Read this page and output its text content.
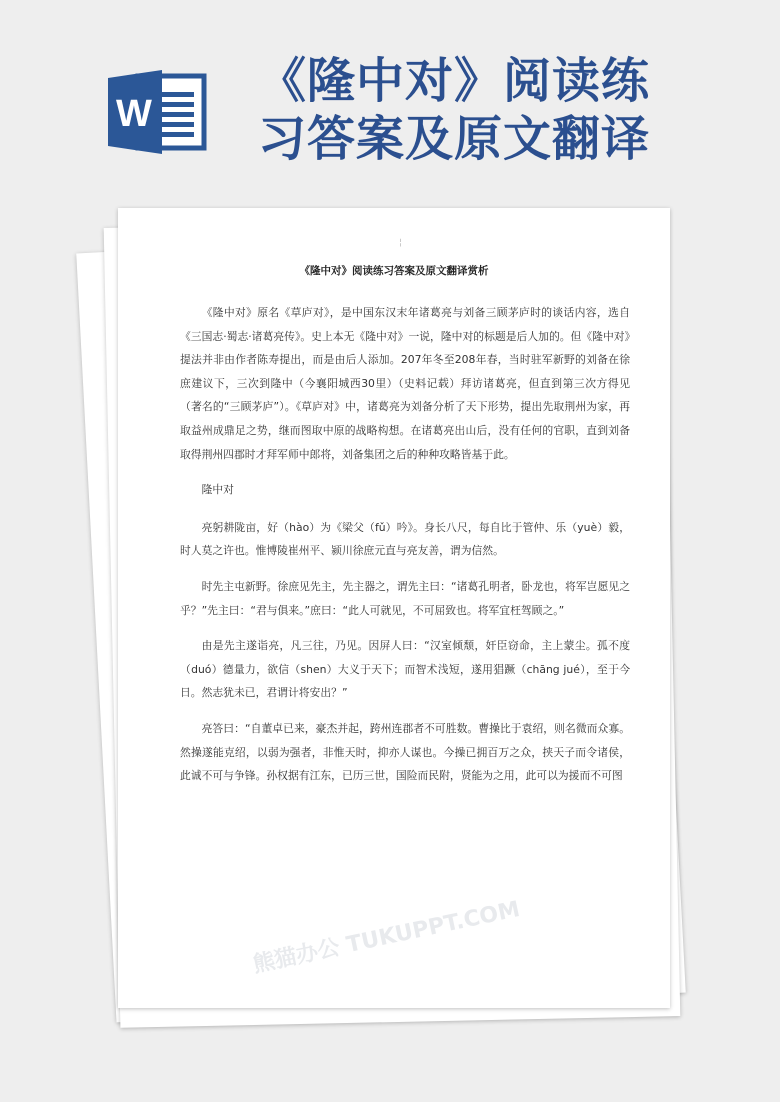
W
《隆中对》阅读练
习答案及原文翻译
¦
《隆中对》阅读练习答案及原文翻译赏析

《隆中对》原名《草庐对》，是中国东汉末年诸葛亮与刘备三顾茅庐时的谈话内容，选自《三国志·蜀志·诸葛亮传》。史上本无《隆中对》一说，隆中对的标题是后人加的。但《隆中对》提法并非由作者陈寿提出，而是由后人添加。207年冬至208年春，当时驻军新野的刘备在徐庶建议下，三次到隆中（今襄阳城西30里）（史料记载）拜访诸葛亮，但直到第三次方得见（著名的“三顾茅庐”）。《草庐对》中，诸葛亮为刘备分析了天下形势，提出先取荆州为家，再取益州成鼎足之势，继而图取中原的战略构想。在诸葛亮出山后，没有任何的官职，直到刘备取得荆州四郡时才拜军师中郎将，刘备集团之后的种种攻略皆基于此。

隆中对

亮躬耕陇亩，好（hào）为《梁父（fǔ）吟》。身长八尺，每自比于管仲、乐（yuè）毅，时人莫之许也。惟博陵崔州平、颍川徐庶元直与亮友善，谓为信然。

时先主屯新野。徐庶见先主，先主器之，谓先主曰：“诸葛孔明者，卧龙也，将军岂愿见之乎？”先主曰：“君与俱来。”庶曰：“此人可就见，不可屈致也。将军宜枉驾顾之。”

由是先主遂诣亮，凡三往，乃见。因屏人曰：“汉室倾颓，奸臣窃命，主上蒙尘。孤不度（duó）德量力，欲信（shen）大义于天下；而智术浅短，遂用猖蹶（chāng jué），至于今日。然志犹未已，君谓计将安出？”

亮答曰：“自董卓已来，豪杰并起，跨州连郡者不可胜数。曹操比于袁绍，则名微而众寡。然操遂能克绍，以弱为强者，非惟天时，抑亦人谋也。今操已拥百万之众，挟天子而令诸侯，此诚不可与争锋。孙权据有江东，已历三世，国险而民附，贤能为之用，此可以为援而不可图

熊猫办公 TUKUPPT.COM
